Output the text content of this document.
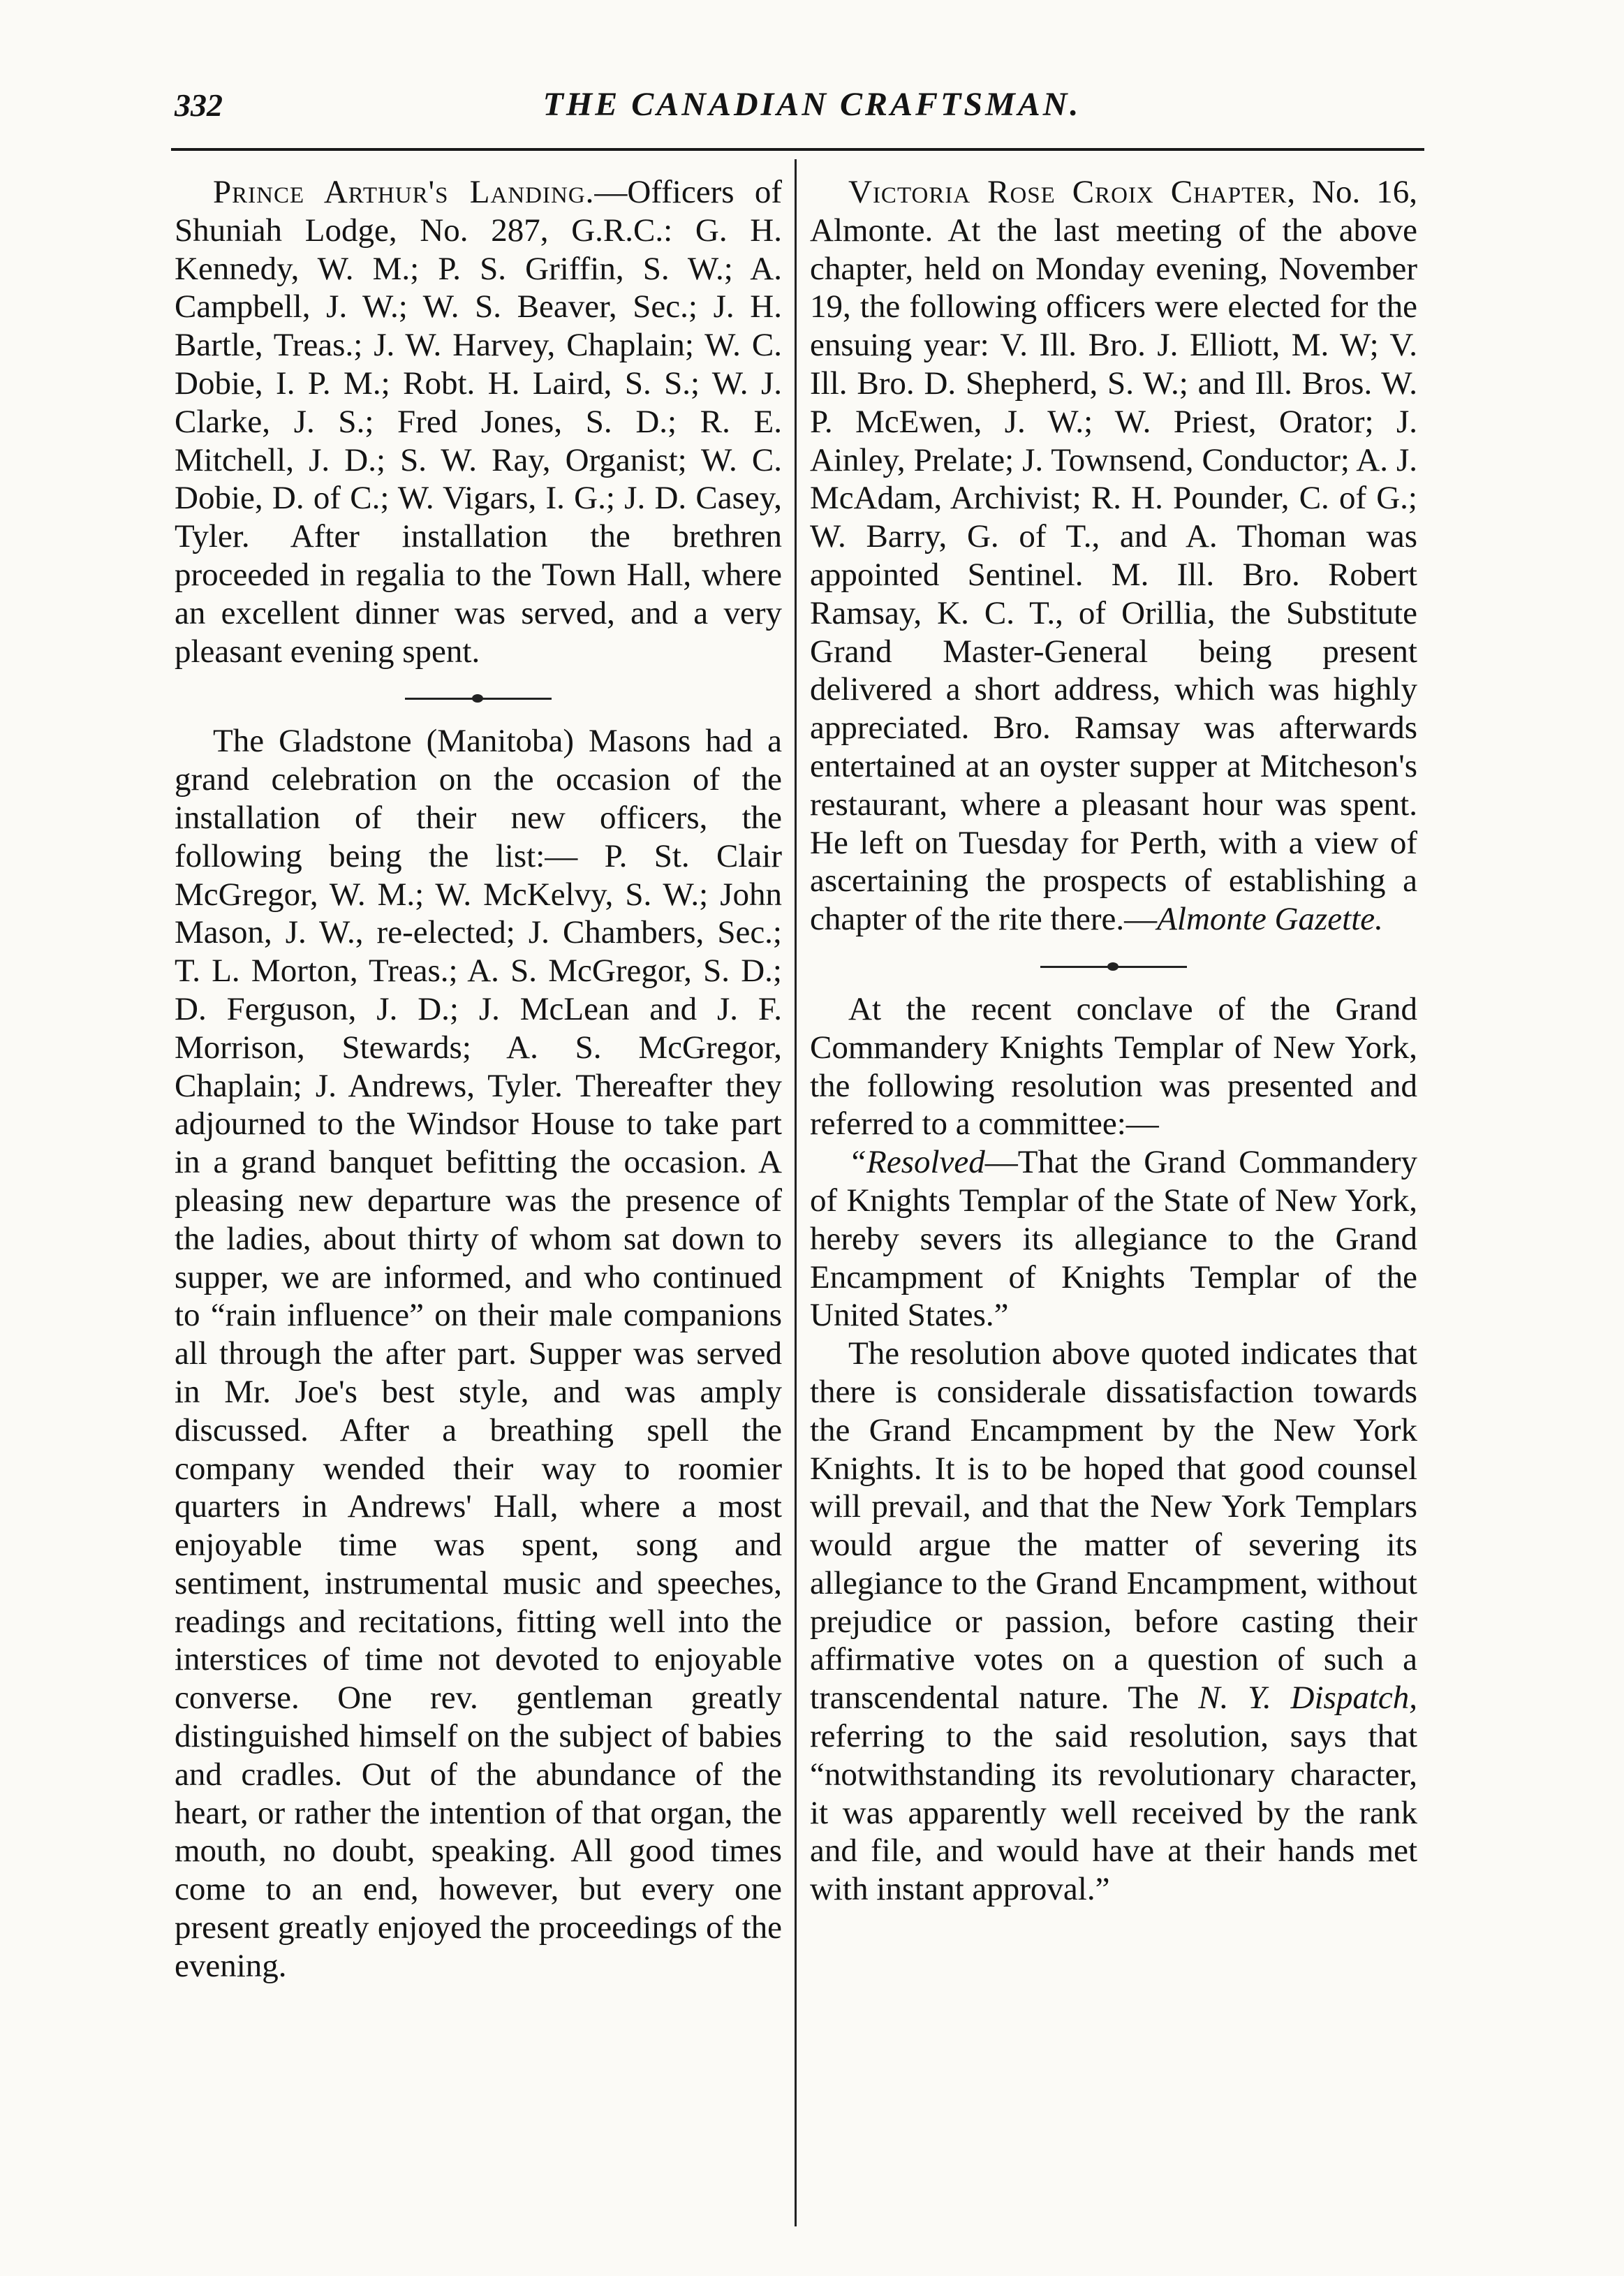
332	THE CANADIAN CRAFTSMAN.

Prince Arthur's Landing.—Officers of Shuniah Lodge, No. 287, G.R.C.: G. H. Kennedy, W. M.; P. S. Griffin, S. W.; A. Campbell, J. W.; W. S. Beaver, Sec.; J. H. Bartle, Treas.; J. W. Harvey, Chaplain; W. C. Dobie, I. P. M.; Robt. H. Laird, S. S.; W. J. Clarke, J. S.; Fred Jones, S. D.; R. E. Mitchell, J. D.; S. W. Ray, Organist; W. C. Dobie, D. of C.; W. Vigars, I. G.; J. D. Casey, Tyler. After installation the brethren proceeded in regalia to the Town Hall, where an excellent dinner was served, and a very pleasant evening spent.

The Gladstone (Manitoba) Masons had a grand celebration on the occasion of the installation of their new officers, the following being the list:— P. St. Clair McGregor, W. M.; W. McKelvy, S. W.; John Mason, J. W., re-elected; J. Chambers, Sec.; T. L. Morton, Treas.; A. S. McGregor, S. D.; D. Ferguson, J. D.; J. McLean and J. F. Morrison, Stewards; A. S. McGregor, Chaplain; J. Andrews, Tyler. Thereafter they adjourned to the Windsor House to take part in a grand banquet befitting the occasion. A pleasing new departure was the presence of the ladies, about thirty of whom sat down to supper, we are informed, and who continued to “rain influence” on their male companions all through the after part. Supper was served in Mr. Joe's best style, and was amply discussed. After a breathing spell the company wended their way to roomier quarters in Andrews' Hall, where a most enjoyable time was spent, song and sentiment, instrumental music and speeches, readings and recitations, fitting well into the interstices of time not devoted to enjoyable converse. One rev. gentleman greatly distinguished himself on the subject of babies and cradles. Out of the abundance of the heart, or rather the intention of that organ, the mouth, no doubt, speaking. All good times come to an end, however, but every one present greatly enjoyed the proceedings of the evening.

Victoria Rose Croix Chapter, No. 16, Almonte. At the last meeting of the above chapter, held on Monday evening, November 19, the following officers were elected for the ensuing year: V. Ill. Bro. J. Elliott, M. W; V. Ill. Bro. D. Shepherd, S. W.; and Ill. Bros. W. P. McEwen, J. W.; W. Priest, Orator; J. Ainley, Prelate; J. Townsend, Conductor; A. J. McAdam, Archivist; R. H. Pounder, C. of G.; W. Barry, G. of T., and A. Thoman was appointed Sentinel. M. Ill. Bro. Robert Ramsay, K. C. T., of Orillia, the Substitute Grand Master-General being present delivered a short address, which was highly appreciated. Bro. Ramsay was afterwards entertained at an oyster supper at Mitcheson's restaurant, where a pleasant hour was spent. He left on Tuesday for Perth, with a view of ascertaining the prospects of establishing a chapter of the rite there.—Almonte Gazette.

At the recent conclave of the Grand Commandery Knights Templar of New York, the following resolution was presented and referred to a committee:—

“Resolved—That the Grand Commandery of Knights Templar of the State of New York, hereby severs its allegiance to the Grand Encampment of Knights Templar of the United States.”

The resolution above quoted indicates that there is considerale dissatisfaction towards the Grand Encampment by the New York Knights. It is to be hoped that good counsel will prevail, and that the New York Templars would argue the matter of severing its allegiance to the Grand Encampment, without prejudice or passion, before casting their affirmative votes on a question of such a transcendental nature. The N. Y. Dispatch, referring to the said resolution, says that “notwithstanding its revolutionary character, it was apparently well received by the rank and file, and would have at their hands met with instant approval.”
